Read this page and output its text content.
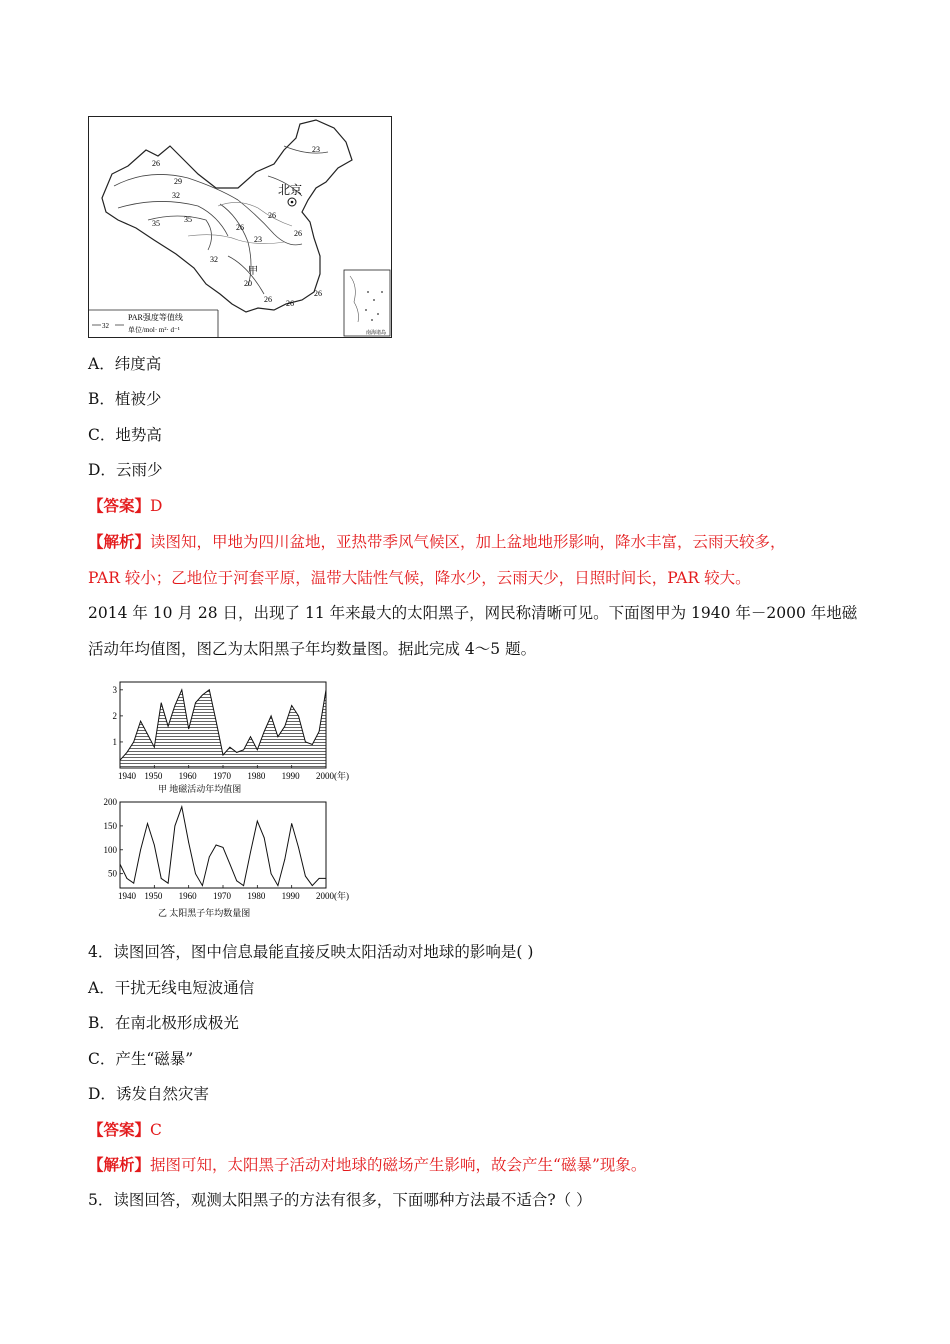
23
26
29
32
35
35	26
26
23
26
32
20
26
26
26
北京
甲
南海诸岛
32
PAR强度等值线
单位/mol· m²· d⁻¹
A．纬度高
B．植被少
C．地势高
D．云雨少
【答案】D
【解析】读图知，甲地为四川盆地，亚热带季风气候区，加上盆地地形影响，降水丰富，云雨天较多，
PAR 较小；乙地位于河套平原，温带大陆性气候，降水少，云雨天少，日照时间长，PAR 较大。
2014 年 10 月 28 日，出现了 11 年来最大的太阳黑子，网民称清晰可见。下面图甲为 1940 年－2000 年地磁
活动年均值图，图乙为太阳黑子年均数量图。据此完成 4～5 题。
1
2
3
1940 1950 1960 1970 1980 1990 2000(年)
甲 地磁活动年均值图
50
100
150
200
1940 1950 1960 1970 1980 1990 2000(年)
乙 太阳黑子年均数量图
4．读图回答，图中信息最能直接反映太阳活动对地球的影响是( )
A．干扰无线电短波通信
B．在南北极形成极光
C．产生“磁暴”
D．诱发自然灾害
【答案】C
【解析】据图可知，太阳黑子活动对地球的磁场产生影响，故会产生“磁暴”现象。
5．读图回答，观测太阳黑子的方法有很多，下面哪种方法最不适合?（ ）
